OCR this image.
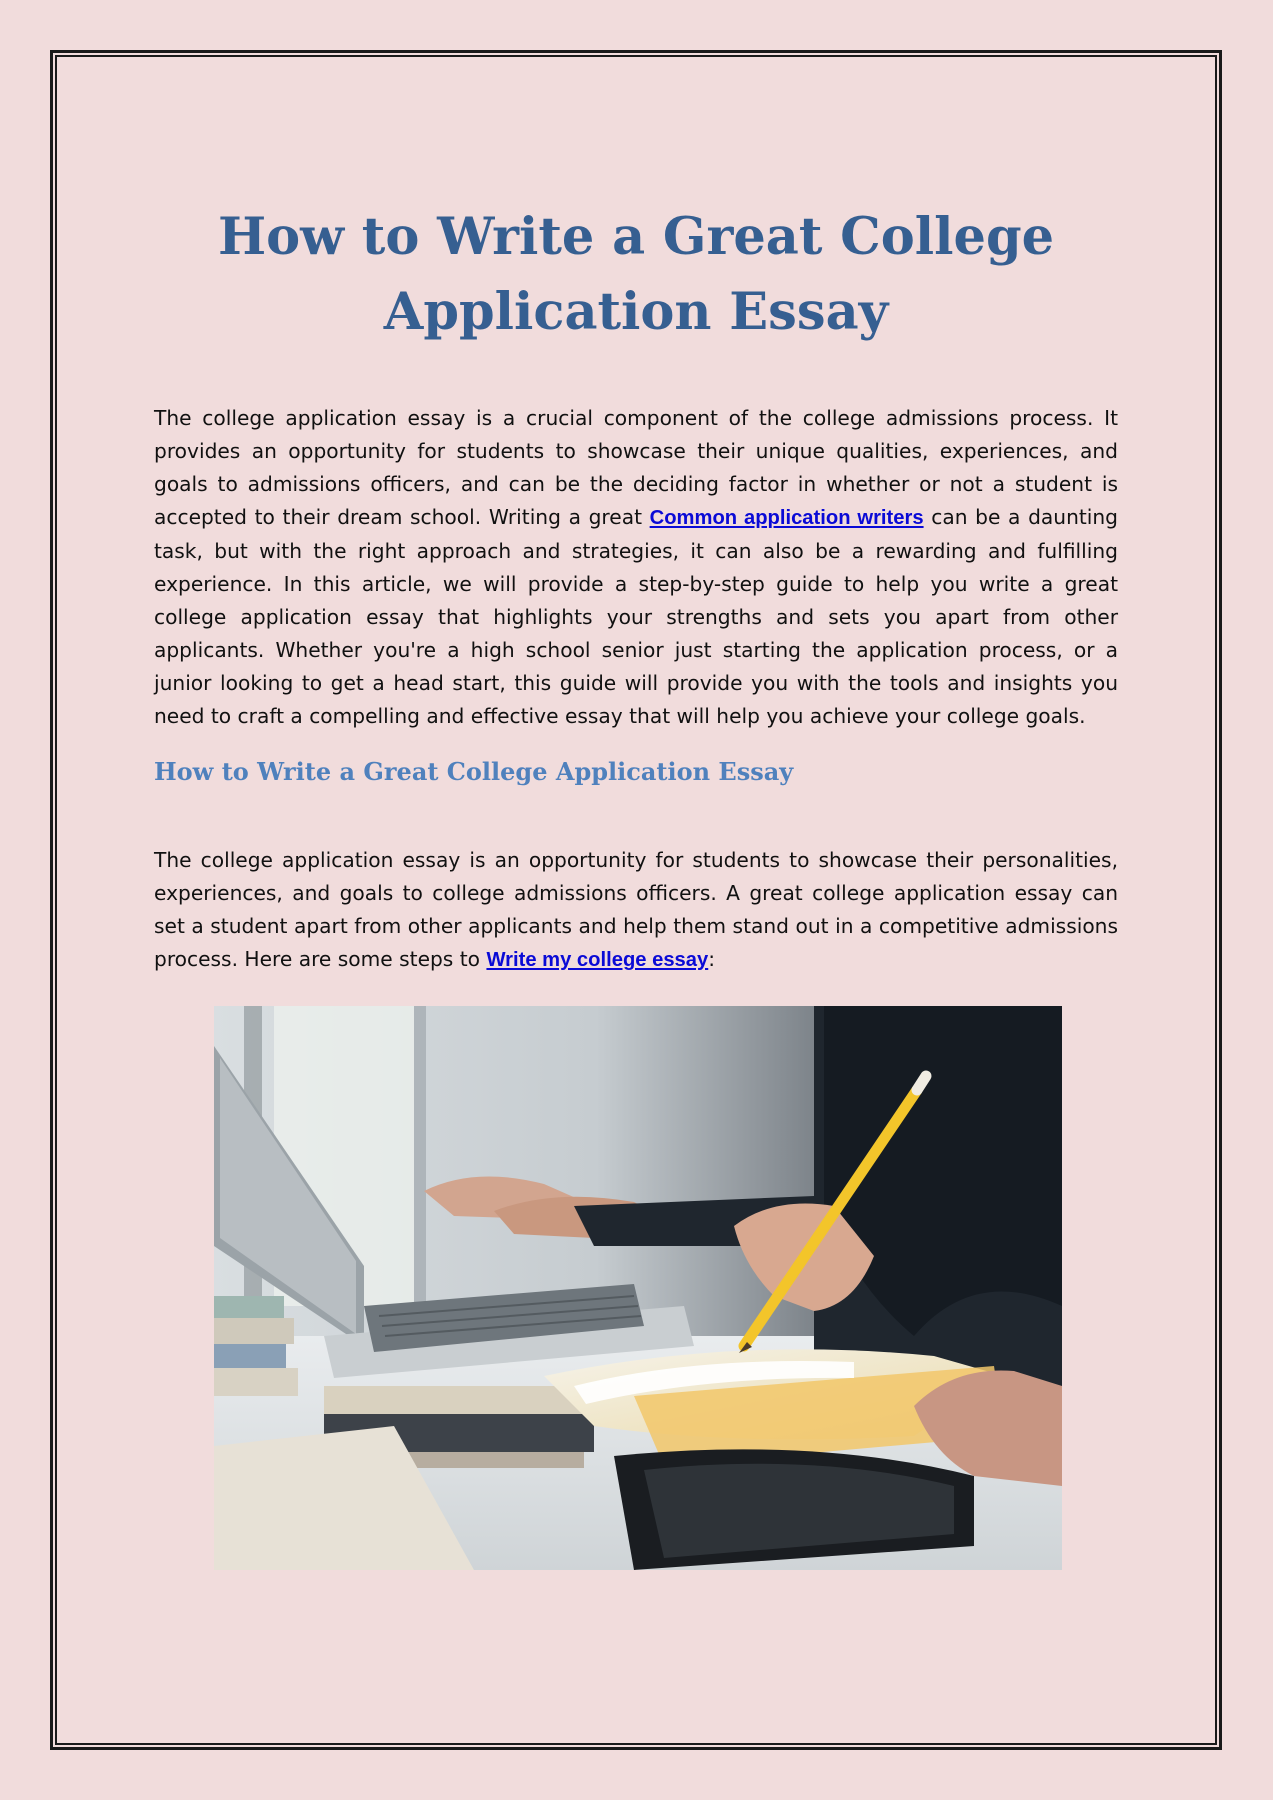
How to Write a Great College Application Essay

The college application essay is a crucial component of the college admissions process. It provides an opportunity for students to showcase their unique qualities, experiences, and goals to admissions officers, and can be the deciding factor in whether or not a student is accepted to their dream school. Writing a great Common application writers can be a daunting task, but with the right approach and strategies, it can also be a rewarding and fulfilling experience. In this article, we will provide a step-by-step guide to help you write a great college application essay that highlights your strengths and sets you apart from other applicants. Whether you're a high school senior just starting the application process, or a junior looking to get a head start, this guide will provide you with the tools and insights you need to craft a compelling and effective essay that will help you achieve your college goals.

How to Write a Great College Application Essay

The college application essay is an opportunity for students to showcase their personalities, experiences, and goals to college admissions officers. A great college application essay can set a student apart from other applicants and help them stand out in a competitive admissions process. Here are some steps to Write my college essay:
